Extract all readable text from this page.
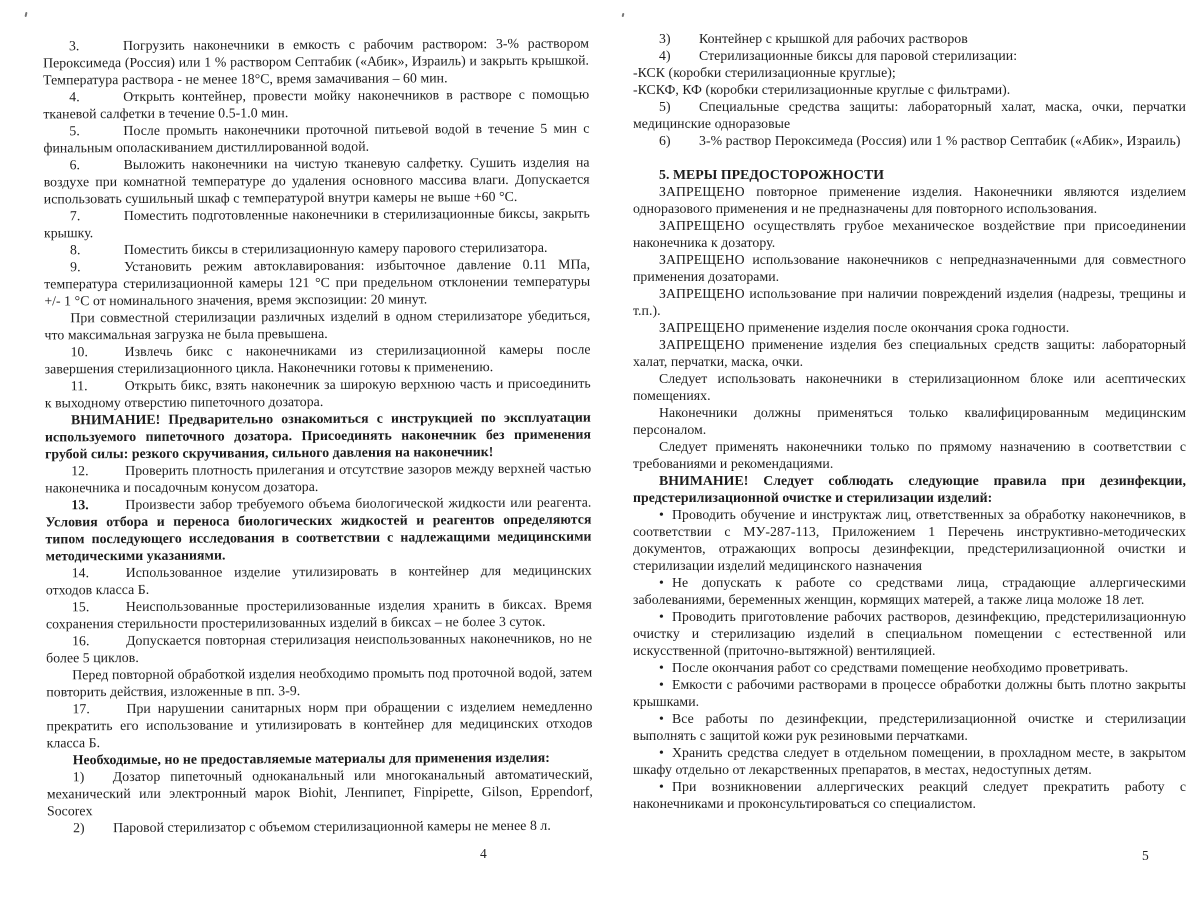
3.	Погрузить наконечники в емкость с рабочим раствором: 3-% раствором Пероксимеда (Россия) или 1 % раствором Септабик («Абик», Израиль) и закрыть крышкой. Температура раствора - не менее 18°С, время замачивания – 60 мин.

4.	Открыть контейнер, провести мойку наконечников в растворе с помощью тканевой салфетки в течение 0.5-1.0 мин.

5.	После промыть наконечники проточной питьевой водой в течение 5 мин с финальным ополаскиванием дистиллированной водой.

6.	Выложить наконечники на чистую тканевую салфетку. Сушить изделия на воздухе при комнатной температуре до удаления основного массива влаги. Допускается использовать сушильный шкаф с температурой внутри камеры не выше +60 °С.

7.	Поместить подготовленные наконечники в стерилизационные биксы, закрыть крышку.

8.	Поместить биксы в стерилизационную камеру парового стерилизатора.

9.	Установить режим автоклавирования: избыточное давление 0.11 МПа, температура стерилизационной камеры 121 °С при предельном отклонении температуры +/- 1 °С от номинального значения, время экспозиции: 20 минут.

При совместной стерилизации различных изделий в одном стерилизаторе убедиться, что максимальная загрузка не была превышена.

10.	Извлечь бикс с наконечниками из стерилизационной камеры после завершения стерилизационного цикла. Наконечники готовы к применению.

11.	Открыть бикс, взять наконечник за широкую верхнюю часть и присоединить к выходному отверстию пипеточного дозатора.

ВНИМАНИЕ! Предварительно ознакомиться с инструкцией по эксплуатации используемого пипеточного дозатора. Присоединять наконечник без применения грубой силы: резкого скручивания, сильного давления на наконечник!

12.	Проверить плотность прилегания и отсутствие зазоров между верхней частью наконечника и посадочным конусом дозатора.

13.	Произвести забор требуемого объема биологической жидкости или реагента. Условия отбора и переноса биологических жидкостей и реагентов определяются типом последующего исследования в соответствии с надлежащими медицинскими методическими указаниями.

14.	Использованное изделие утилизировать в контейнер для медицинских отходов класса Б.

15.	Неиспользованные простерилизованные изделия хранить в биксах. Время сохранения стерильности простерилизованных изделий в биксах – не более 3 суток.

16.	Допускается повторная стерилизация неиспользованных наконечников, но не более 5 циклов.

Перед повторной обработкой изделия необходимо промыть под проточной водой, затем повторить действия, изложенные в пп. 3-9.

17.	При нарушении санитарных норм при обращении с изделием немедленно прекратить его использование и утилизировать в контейнер для медицинских отходов класса Б.

Необходимые, но не предоставляемые материалы для применения изделия:

1) Дозатор пипеточный одноканальный или многоканальный автоматический, механический или электронный марок Biohit, Ленпипет, Finpipette, Gilson, Eppendorf, Socorex

2) Паровой стерилизатор с объемом стерилизационной камеры не менее 8 л.

3) Контейнер с крышкой для рабочих растворов

4) Стерилизационные биксы для паровой стерилизации:

-КСК (коробки стерилизационные круглые);

-КСКФ, КФ (коробки стерилизационные круглые с фильтрами).

5) Специальные средства защиты: лабораторный халат, маска, очки, перчатки медицинские одноразовые

6) 3-% раствор Пероксимеда (Россия) или 1 % раствор Септабик («Абик», Израиль)

5. МЕРЫ ПРЕДОСТОРОЖНОСТИ

ЗАПРЕЩЕНО повторное применение изделия. Наконечники являются изделием одноразового применения и не предназначены для повторного использования.

ЗАПРЕЩЕНО осуществлять грубое механическое воздействие при присоединении наконечника к дозатору.

ЗАПРЕЩЕНО использование наконечников с непредназначенными для совместного применения дозаторами.

ЗАПРЕЩЕНО использование при наличии повреждений изделия (надрезы, трещины и т.п.).

ЗАПРЕЩЕНО применение изделия после окончания срока годности.

ЗАПРЕЩЕНО применение изделия без специальных средств защиты: лабораторный халат, перчатки, маска, очки.

Следует использовать наконечники в стерилизационном блоке или асептических помещениях.

Наконечники должны применяться только квалифицированным медицинским персоналом.

Следует применять наконечники только по прямому назначению в соответствии с требованиями и рекомендациями.

ВНИМАНИЕ! Следует соблюдать следующие правила при дезинфекции, предстерилизационной очистке и стерилизации изделий:

• Проводить обучение и инструктаж лиц, ответственных за обработку наконечников, в соответствии с МУ-287-113, Приложением 1 Перечень инструктивно-методических документов, отражающих вопросы дезинфекции, предстерилизационной очистки и стерилизации изделий медицинского назначения

• Не допускать к работе со средствами лица, страдающие аллергическими заболеваниями, беременных женщин, кормящих матерей, а также лица моложе 18 лет.

• Проводить приготовление рабочих растворов, дезинфекцию, предстерилизационную очистку и стерилизацию изделий в специальном помещении с естественной или искусственной (приточно-вытяжной) вентиляцией.

• После окончания работ со средствами помещение необходимо проветривать.

• Емкости с рабочими растворами в процессе обработки должны быть плотно закрыты крышками.

• Все работы по дезинфекции, предстерилизационной очистке и стерилизации выполнять с защитой кожи рук резиновыми перчатками.

• Хранить средства следует в отдельном помещении, в прохладном месте, в закрытом шкафу отдельно от лекарственных препаратов, в местах, недоступных детям.

• При возникновении аллергических реакций следует прекратить работу с наконечниками и проконсультироваться со специалистом.

4	5
